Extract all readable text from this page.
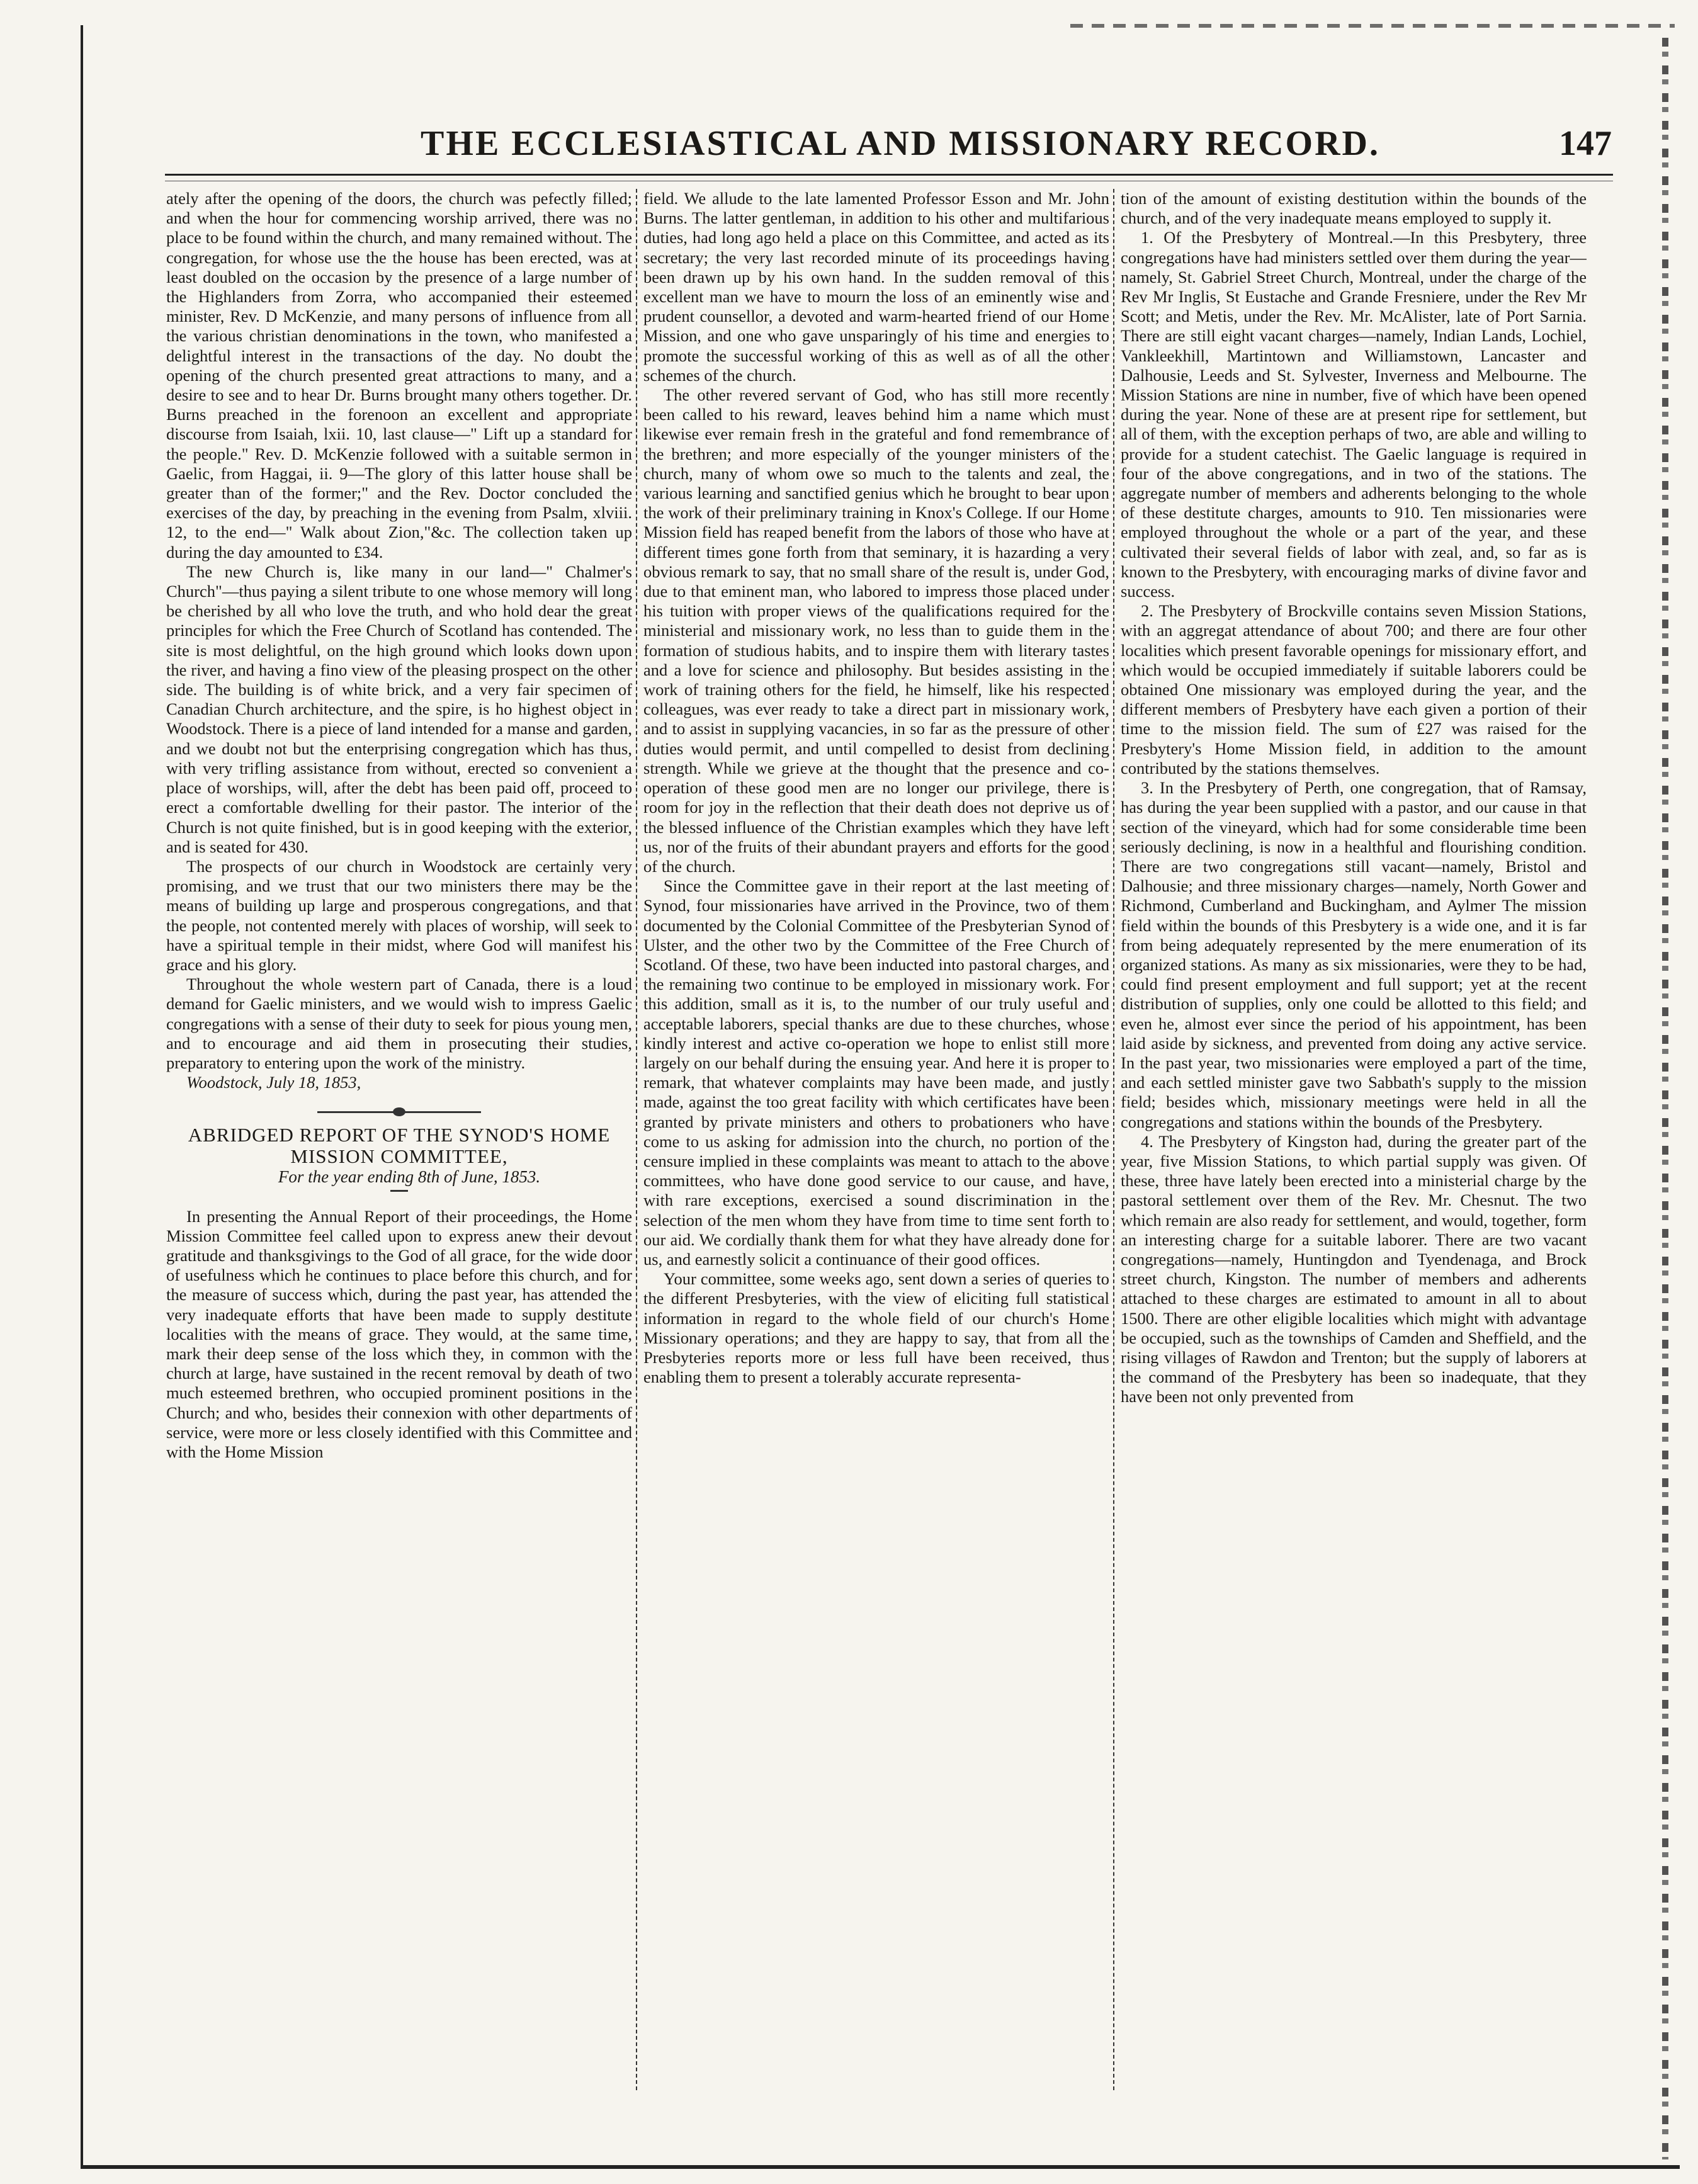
THE ECCLESIASTICAL AND MISSIONARY RECORD.	147

ately after the opening of the doors, the church was pefectly filled; and when the hour for commencing worship arrived, there was no place to be found within the church, and many remained without. The congregation, for whose use the the house has been erected, was at least doubled on the occasion by the presence of a large number of the Highlanders from Zorra, who accompanied their esteemed minister, Rev. D McKenzie, and many persons of influence from all the various christian denominations in the town, who manifested a delightful interest in the transactions of the day. No doubt the opening of the church presented great attractions to many, and a desire to see and to hear Dr. Burns brought many others together. Dr. Burns preached in the forenoon an excellent and appropriate discourse from Isaiah, lxii. 10, last clause—" Lift up a standard for the people." Rev. D. McKenzie followed with a suitable sermon in Gaelic, from Haggai, ii. 9—The glory of this latter house shall be greater than of the former;" and the Rev. Doctor concluded the exercises of the day, by preaching in the evening from Psalm, xlviii. 12, to the end—" Walk about Zion,"&c. The collection taken up during the day amounted to £34.

The new Church is, like many in our land—" Chalmer's Church"—thus paying a silent tribute to one whose memory will long be cherished by all who love the truth, and who hold dear the great principles for which the Free Church of Scotland has contended. The site is most delightful, on the high ground which looks down upon the river, and having a fino view of the pleasing prospect on the other side. The building is of white brick, and a very fair specimen of Canadian Church architecture, and the spire, is ho highest object in Woodstock. There is a piece of land intended for a manse and garden, and we doubt not but the enterprising congregation which has thus, with very trifling assistance from without, erected so convenient a place of worships, will, after the debt has been paid off, proceed to erect a comfortable dwelling for their pastor. The interior of the Church is not quite finished, but is in good keeping with the exterior, and is seated for 430.

The prospects of our church in Woodstock are certainly very promising, and we trust that our two ministers there may be the means of building up large and prosperous congregations, and that the people, not contented merely with places of worship, will seek to have a spiritual temple in their midst, where God will manifest his grace and his glory.

Throughout the whole western part of Canada, there is a loud demand for Gaelic ministers, and we would wish to impress Gaelic congregations with a sense of their duty to seek for pious young men, and to encourage and aid them in prosecuting their studies, preparatory to entering upon the work of the ministry.

Woodstock, July 18, 1853,

ABRIDGED REPORT OF THE SYNOD'S HOME MISSION COMMITTEE,

For the year ending 8th of June, 1853.

In presenting the Annual Report of their proceedings, the Home Mission Committee feel called upon to express anew their devout gratitude and thanksgivings to the God of all grace, for the wide door of usefulness which he continues to place before this church, and for the measure of success which, during the past year, has attended the very inadequate efforts that have been made to supply destitute localities with the means of grace. They would, at the same time, mark their deep sense of the loss which they, in common with the church at large, have sustained in the recent removal by death of two much esteemed brethren, who occupied prominent positions in the Church; and who, besides their connexion with other departments of service, were more or less closely identified with this Committee and with the Home Mission

field. We allude to the late lamented Professor Esson and Mr. John Burns. The latter gentleman, in addition to his other and multifarious duties, had long ago held a place on this Committee, and acted as its secretary; the very last recorded minute of its proceedings having been drawn up by his own hand. In the sudden removal of this excellent man we have to mourn the loss of an eminently wise and prudent counsellor, a devoted and warm-hearted friend of our Home Mission, and one who gave unsparingly of his time and energies to promote the successful working of this as well as of all the other schemes of the church.

The other revered servant of God, who has still more recently been called to his reward, leaves behind him a name which must likewise ever remain fresh in the grateful and fond remembrance of the brethren; and more especially of the younger ministers of the church, many of whom owe so much to the talents and zeal, the various learning and sanctified genius which he brought to bear upon the work of their preliminary training in Knox's College. If our Home Mission field has reaped benefit from the labors of those who have at different times gone forth from that seminary, it is hazarding a very obvious remark to say, that no small share of the result is, under God, due to that eminent man, who labored to impress those placed under his tuition with proper views of the qualifications required for the ministerial and missionary work, no less than to guide them in the formation of studious habits, and to inspire them with literary tastes and a love for science and philosophy. But besides assisting in the work of training others for the field, he himself, like his respected colleagues, was ever ready to take a direct part in missionary work, and to assist in supplying vacancies, in so far as the pressure of other duties would permit, and until compelled to desist from declining strength. While we grieve at the thought that the presence and co-operation of these good men are no longer our privilege, there is room for joy in the reflection that their death does not deprive us of the blessed influence of the Christian examples which they have left us, nor of the fruits of their abundant prayers and efforts for the good of the church.

Since the Committee gave in their report at the last meeting of Synod, four missionaries have arrived in the Province, two of them documented by the Colonial Committee of the Presbyterian Synod of Ulster, and the other two by the Committee of the Free Church of Scotland. Of these, two have been inducted into pastoral charges, and the remaining two continue to be employed in missionary work. For this addition, small as it is, to the number of our truly useful and acceptable laborers, special thanks are due to these churches, whose kindly interest and active co-operation we hope to enlist still more largely on our behalf during the ensuing year. And here it is proper to remark, that whatever complaints may have been made, and justly made, against the too great facility with which certificates have been granted by private ministers and others to probationers who have come to us asking for admission into the church, no portion of the censure implied in these complaints was meant to attach to the above committees, who have done good service to our cause, and have, with rare exceptions, exercised a sound discrimination in the selection of the men whom they have from time to time sent forth to our aid. We cordially thank them for what they have already done for us, and earnestly solicit a continuance of their good offices.

Your committee, some weeks ago, sent down a series of queries to the different Presbyteries, with the view of eliciting full statistical information in regard to the whole field of our church's Home Missionary operations; and they are happy to say, that from all the Presbyteries reports more or less full have been received, thus enabling them to present a tolerably accurate representa-

tion of the amount of existing destitution within the bounds of the church, and of the very inadequate means employed to supply it.

1. Of the Presbytery of Montreal.—In this Presbytery, three congregations have had ministers settled over them during the year—namely, St. Gabriel Street Church, Montreal, under the charge of the Rev Mr Inglis, St Eustache and Grande Fresniere, under the Rev Mr Scott; and Metis, under the Rev. Mr. McAlister, late of Port Sarnia. There are still eight vacant charges—namely, Indian Lands, Lochiel, Vankleekhill, Martintown and Williamstown, Lancaster and Dalhousie, Leeds and St. Sylvester, Inverness and Melbourne. The Mission Stations are nine in number, five of which have been opened during the year. None of these are at present ripe for settlement, but all of them, with the exception perhaps of two, are able and willing to provide for a student catechist. The Gaelic language is required in four of the above congregations, and in two of the stations. The aggregate number of members and adherents belonging to the whole of these destitute charges, amounts to 910. Ten missionaries were employed throughout the whole or a part of the year, and these cultivated their several fields of labor with zeal, and, so far as is known to the Presbytery, with encouraging marks of divine favor and success.

2. The Presbytery of Brockville contains seven Mission Stations, with an aggregat attendance of about 700; and there are four other localities which present favorable openings for missionary effort, and which would be occupied immediately if suitable laborers could be obtained One missionary was employed during the year, and the different members of Presbytery have each given a portion of their time to the mission field. The sum of £27 was raised for the Presbytery's Home Mission field, in addition to the amount contributed by the stations themselves.

3. In the Presbytery of Perth, one congregation, that of Ramsay, has during the year been supplied with a pastor, and our cause in that section of the vineyard, which had for some considerable time been seriously declining, is now in a healthful and flourishing condition. There are two congregations still vacant—namely, Bristol and Dalhousie; and three missionary charges—namely, North Gower and Richmond, Cumberland and Buckingham, and Aylmer The mission field within the bounds of this Presbytery is a wide one, and it is far from being adequately represented by the mere enumeration of its organized stations. As many as six missionaries, were they to be had, could find present employment and full support; yet at the recent distribution of supplies, only one could be allotted to this field; and even he, almost ever since the period of his appointment, has been laid aside by sickness, and prevented from doing any active service. In the past year, two missionaries were employed a part of the time, and each settled minister gave two Sabbath's supply to the mission field; besides which, missionary meetings were held in all the congregations and stations within the bounds of the Presbytery.

4. The Presbytery of Kingston had, during the greater part of the year, five Mission Stations, to which partial supply was given. Of these, three have lately been erected into a ministerial charge by the pastoral settlement over them of the Rev. Mr. Chesnut. The two which remain are also ready for settlement, and would, together, form an interesting charge for a suitable laborer. There are two vacant congregations—namely, Huntingdon and Tyendenaga, and Brock street church, Kingston. The number of members and adherents attached to these charges are estimated to amount in all to about 1500. There are other eligible localities which might with advantage be occupied, such as the townships of Camden and Sheffield, and the rising villages of Rawdon and Trenton; but the supply of laborers at the command of the Presbytery has been so inadequate, that they have been not only prevented from
